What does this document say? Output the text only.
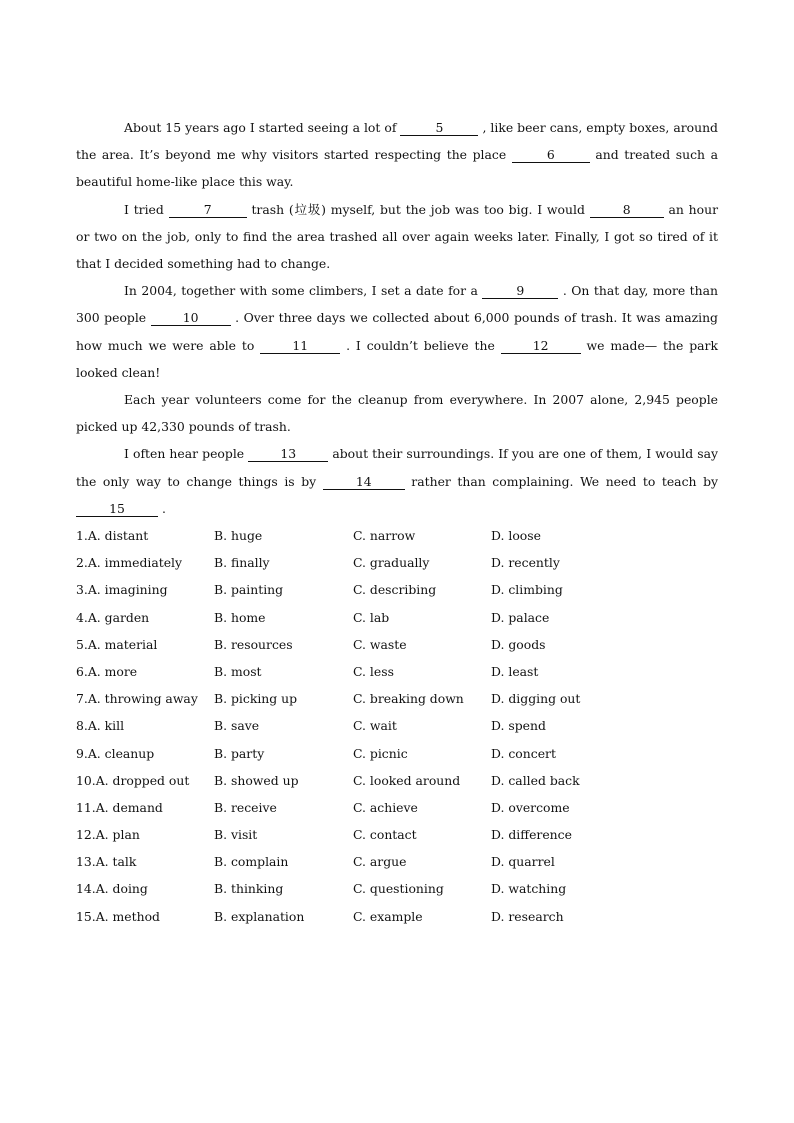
About 15 years ago I started seeing a lot of	5	, like beer cans, empty boxes, around the area. It’s beyond me why visitors started respecting the place	6	and treated such a beautiful home-like place this way.

I tried	7	trash (垃圾) myself, but the job was too big. I would	8	an hour or two on the job, only to find the area trashed all over again weeks later. Finally, I got so tired of it that I decided something had to change.

In 2004, together with some climbers, I set a date for a	9	. On that day, more than 300 people	10	. Over three days we collected about 6,000 pounds of trash. It was amazing how much we were able to	11	. I couldn’t believe the	12	we made— the park looked clean!

Each year volunteers come for the cleanup from everywhere. In 2007 alone, 2,945 people picked up 42,330 pounds of trash.

I often hear people	13	about their surroundings. If you are one of them, I would say the only way to change things is by	14	rather than complaining. We need to teach by 15	.

1.A. distant	B. huge	C. narrow	D. loose
2.A. immediately	B. finally	C. gradually	D. recently
3.A. imagining	B. painting	C. describing	D. climbing
4.A. garden	B. home	C. lab	D. palace
5.A. material	B. resources	C. waste	D. goods
6.A. more	B. most	C. less	D. least
7.A. throwing away	B. picking up	C. breaking down	D. digging out
8.A. kill	B. save	C. wait	D. spend
9.A. cleanup	B. party	C. picnic	D. concert
10.A. dropped out	B. showed up	C. looked around	D. called back
11.A. demand	B. receive	C. achieve	D. overcome
12.A. plan	B. visit	C. contact	D. difference
13.A. talk	B. complain	C. argue	D. quarrel
14.A. doing	B. thinking	C. questioning	D. watching
15.A. method	B. explanation	C. example	D. research
